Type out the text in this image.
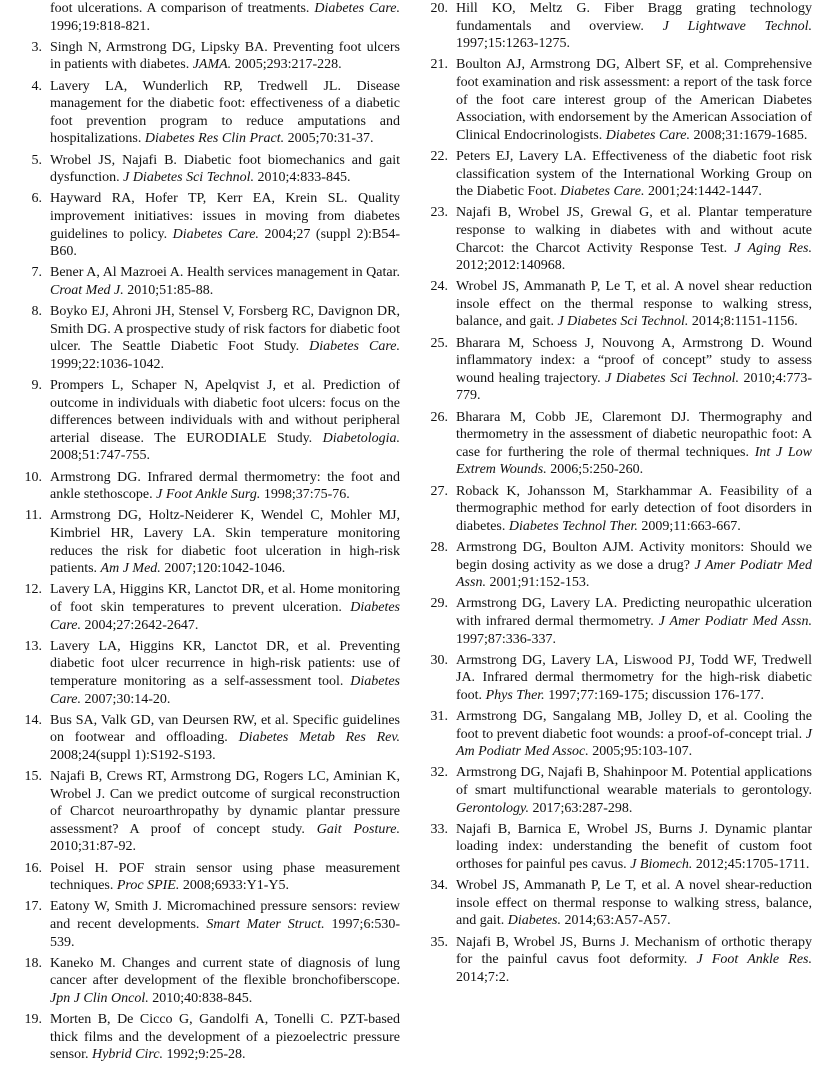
foot ulcerations. A comparison of treatments. Diabetes Care. 1996;19:818-821.
3. Singh N, Armstrong DG, Lipsky BA. Preventing foot ulcers in patients with diabetes. JAMA. 2005;293:217-228.
4. Lavery LA, Wunderlich RP, Tredwell JL. Disease management for the diabetic foot: effectiveness of a diabetic foot prevention program to reduce amputations and hospitalizations. Diabetes Res Clin Pract. 2005;70:31-37.
5. Wrobel JS, Najafi B. Diabetic foot biomechanics and gait dysfunction. J Diabetes Sci Technol. 2010;4:833-845.
6. Hayward RA, Hofer TP, Kerr EA, Krein SL. Quality improvement initiatives: issues in moving from diabetes guidelines to policy. Diabetes Care. 2004;27 (suppl 2):B54-B60.
7. Bener A, Al Mazroei A. Health services management in Qatar. Croat Med J. 2010;51:85-88.
8. Boyko EJ, Ahroni JH, Stensel V, Forsberg RC, Davignon DR, Smith DG. A prospective study of risk factors for diabetic foot ulcer. The Seattle Diabetic Foot Study. Diabetes Care. 1999;22:1036-1042.
9. Prompers L, Schaper N, Apelqvist J, et al. Prediction of outcome in individuals with diabetic foot ulcers: focus on the differences between individuals with and without peripheral arterial disease. The EURODIALE Study. Diabetologia. 2008;51:747-755.
10. Armstrong DG. Infrared dermal thermometry: the foot and ankle stethoscope. J Foot Ankle Surg. 1998;37:75-76.
11. Armstrong DG, Holtz-Neiderer K, Wendel C, Mohler MJ, Kimbriel HR, Lavery LA. Skin temperature monitoring reduces the risk for diabetic foot ulceration in high-risk patients. Am J Med. 2007;120:1042-1046.
12. Lavery LA, Higgins KR, Lanctot DR, et al. Home monitoring of foot skin temperatures to prevent ulceration. Diabetes Care. 2004;27:2642-2647.
13. Lavery LA, Higgins KR, Lanctot DR, et al. Preventing diabetic foot ulcer recurrence in high-risk patients: use of temperature monitoring as a self-assessment tool. Diabetes Care. 2007;30:14-20.
14. Bus SA, Valk GD, van Deursen RW, et al. Specific guidelines on footwear and offloading. Diabetes Metab Res Rev. 2008;24(suppl 1):S192-S193.
15. Najafi B, Crews RT, Armstrong DG, Rogers LC, Aminian K, Wrobel J. Can we predict outcome of surgical reconstruction of Charcot neuroarthropathy by dynamic plantar pressure assessment? A proof of concept study. Gait Posture. 2010;31:87-92.
16. Poisel H. POF strain sensor using phase measurement techniques. Proc SPIE. 2008;6933:Y1-Y5.
17. Eatony W, Smith J. Micromachined pressure sensors: review and recent developments. Smart Mater Struct. 1997;6:530-539.
18. Kaneko M. Changes and current state of diagnosis of lung cancer after development of the flexible bronchofiberscope. Jpn J Clin Oncol. 2010;40:838-845.
19. Morten B, De Cicco G, Gandolfi A, Tonelli C. PZT-based thick films and the development of a piezoelectric pressure sensor. Hybrid Circ. 1992;9:25-28.
20. Hill KO, Meltz G. Fiber Bragg grating technology fundamentals and overview. J Lightwave Technol. 1997;15:1263-1275.
21. Boulton AJ, Armstrong DG, Albert SF, et al. Comprehensive foot examination and risk assessment: a report of the task force of the foot care interest group of the American Diabetes Association, with endorsement by the American Association of Clinical Endocrinologists. Diabetes Care. 2008;31:1679-1685.
22. Peters EJ, Lavery LA. Effectiveness of the diabetic foot risk classification system of the International Working Group on the Diabetic Foot. Diabetes Care. 2001;24:1442-1447.
23. Najafi B, Wrobel JS, Grewal G, et al. Plantar temperature response to walking in diabetes with and without acute Charcot: the Charcot Activity Response Test. J Aging Res. 2012;2012:140968.
24. Wrobel JS, Ammanath P, Le T, et al. A novel shear reduction insole effect on the thermal response to walking stress, balance, and gait. J Diabetes Sci Technol. 2014;8:1151-1156.
25. Bharara M, Schoess J, Nouvong A, Armstrong D. Wound inflammatory index: a “proof of concept” study to assess wound healing trajectory. J Diabetes Sci Technol. 2010;4:773-779.
26. Bharara M, Cobb JE, Claremont DJ. Thermography and thermometry in the assessment of diabetic neuropathic foot: A case for furthering the role of thermal techniques. Int J Low Extrem Wounds. 2006;5:250-260.
27. Roback K, Johansson M, Starkhammar A. Feasibility of a thermographic method for early detection of foot disorders in diabetes. Diabetes Technol Ther. 2009;11:663-667.
28. Armstrong DG, Boulton AJM. Activity monitors: Should we begin dosing activity as we dose a drug? J Amer Podiatr Med Assn. 2001;91:152-153.
29. Armstrong DG, Lavery LA. Predicting neuropathic ulceration with infrared dermal thermometry. J Amer Podiatr Med Assn. 1997;87:336-337.
30. Armstrong DG, Lavery LA, Liswood PJ, Todd WF, Tredwell JA. Infrared dermal thermometry for the high-risk diabetic foot. Phys Ther. 1997;77:169-175; discussion 176-177.
31. Armstrong DG, Sangalang MB, Jolley D, et al. Cooling the foot to prevent diabetic foot wounds: a proof-of-concept trial. J Am Podiatr Med Assoc. 2005;95:103-107.
32. Armstrong DG, Najafi B, Shahinpoor M. Potential applications of smart multifunctional wearable materials to gerontology. Gerontology. 2017;63:287-298.
33. Najafi B, Barnica E, Wrobel JS, Burns J. Dynamic plantar loading index: understanding the benefit of custom foot orthoses for painful pes cavus. J Biomech. 2012;45:1705-1711.
34. Wrobel JS, Ammanath P, Le T, et al. A novel shear-reduction insole effect on thermal response to walking stress, balance, and gait. Diabetes. 2014;63:A57-A57.
35. Najafi B, Wrobel JS, Burns J. Mechanism of orthotic therapy for the painful cavus foot deformity. J Foot Ankle Res. 2014;7:2.
